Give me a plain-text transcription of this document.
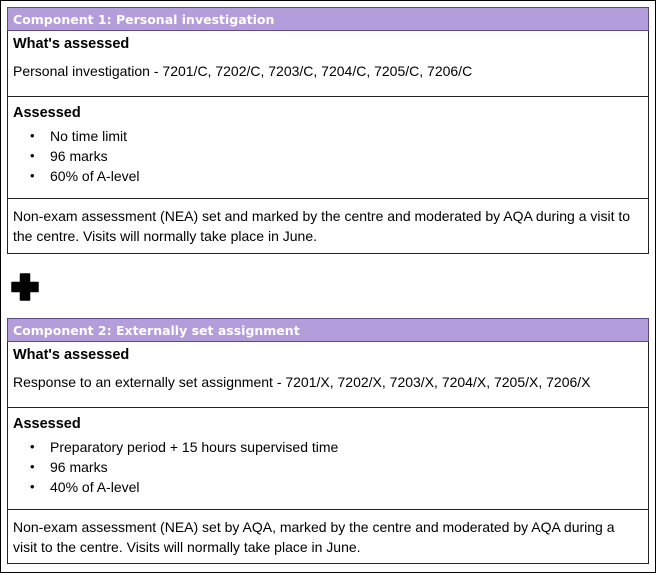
Component 1: Personal investigation

What's assessed

Personal investigation - 7201/C, 7202/C, 7203/C, 7204/C, 7205/C, 7206/C

Assessed

• No time limit
• 96 marks
• 60% of A-level

Non-exam assessment (NEA) set and marked by the centre and moderated by AQA during a visit to the centre. Visits will normally take place in June.

Component 2: Externally set assignment

What's assessed

Response to an externally set assignment - 7201/X, 7202/X, 7203/X, 7204/X, 7205/X, 7206/X

Assessed

• Preparatory period + 15 hours supervised time
• 96 marks
• 40% of A-level

Non-exam assessment (NEA) set by AQA, marked by the centre and moderated by AQA during a visit to the centre. Visits will normally take place in June.
